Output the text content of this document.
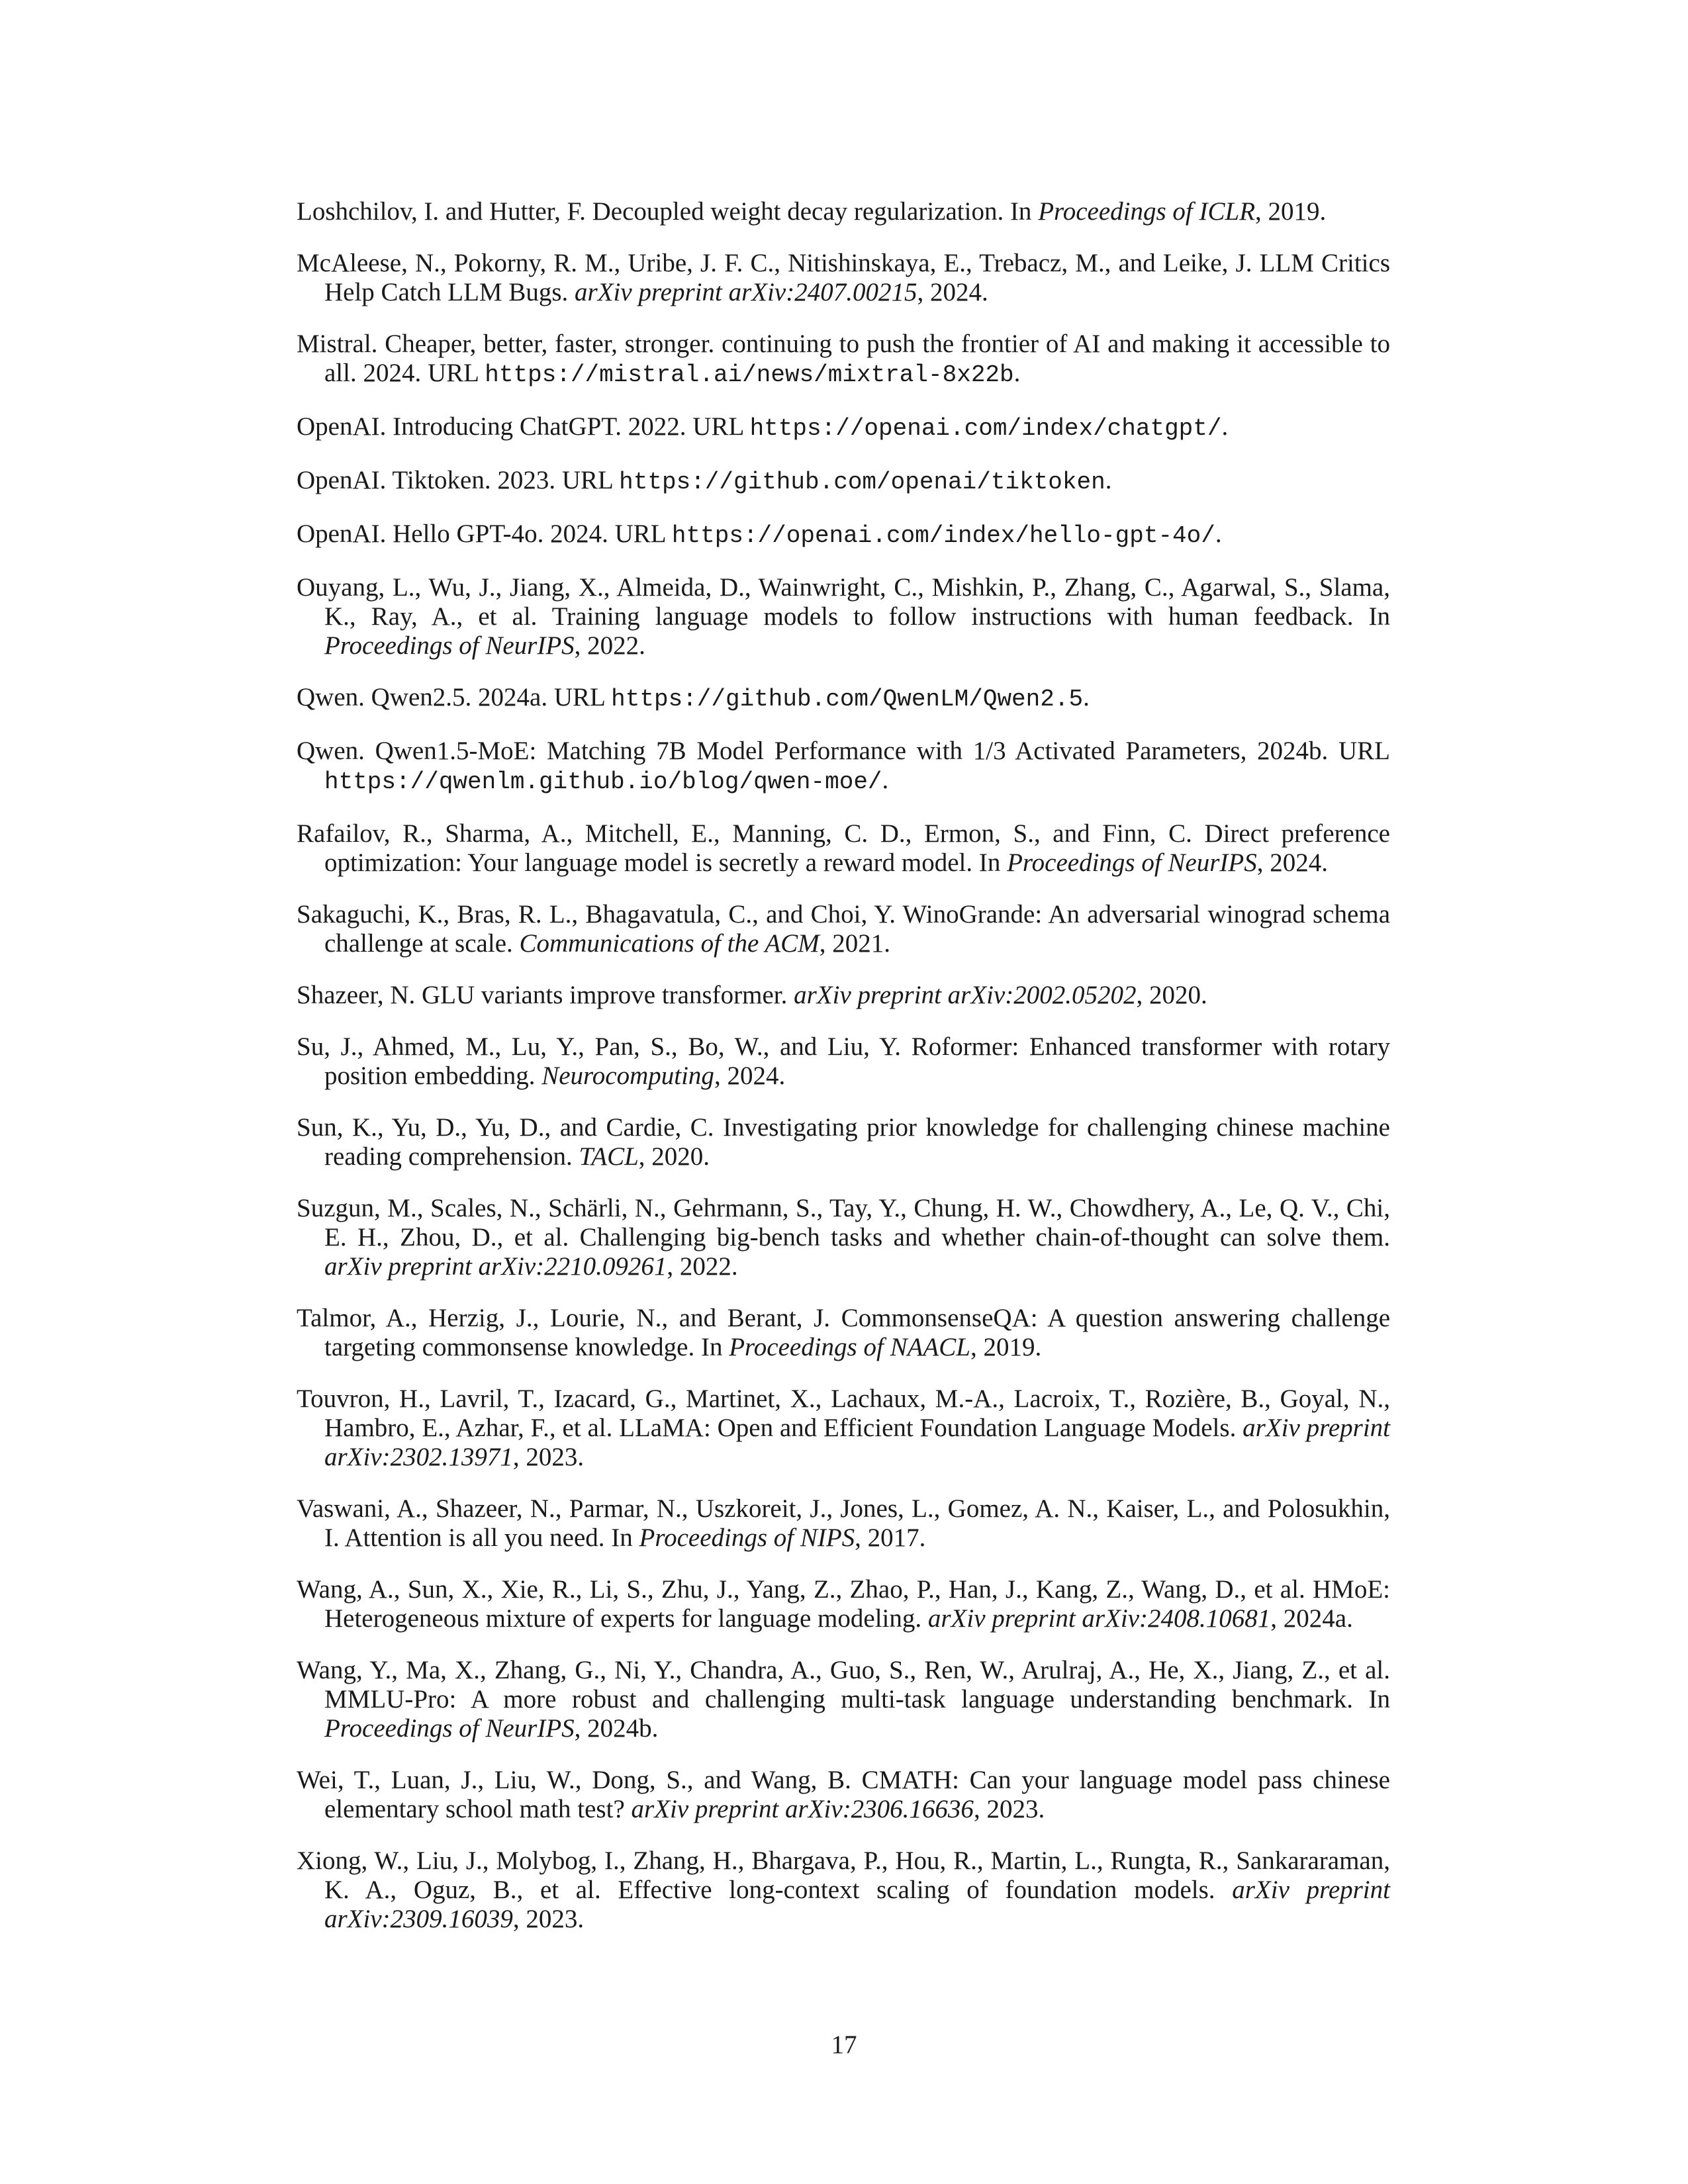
Loshchilov, I. and Hutter, F. Decoupled weight decay regularization. In Proceedings of ICLR, 2019.
McAleese, N., Pokorny, R. M., Uribe, J. F. C., Nitishinskaya, E., Trebacz, M., and Leike, J. LLM Critics Help Catch LLM Bugs. arXiv preprint arXiv:2407.00215, 2024.
Mistral. Cheaper, better, faster, stronger. continuing to push the frontier of AI and making it accessible to all. 2024. URL https://mistral.ai/news/mixtral-8x22b.
OpenAI. Introducing ChatGPT. 2022. URL https://openai.com/index/chatgpt/.
OpenAI. Tiktoken. 2023. URL https://github.com/openai/tiktoken.
OpenAI. Hello GPT-4o. 2024. URL https://openai.com/index/hello-gpt-4o/.
Ouyang, L., Wu, J., Jiang, X., Almeida, D., Wainwright, C., Mishkin, P., Zhang, C., Agarwal, S., Slama, K., Ray, A., et al. Training language models to follow instructions with human feedback. In Proceedings of NeurIPS, 2022.
Qwen. Qwen2.5. 2024a. URL https://github.com/QwenLM/Qwen2.5.
Qwen. Qwen1.5-MoE: Matching 7B Model Performance with 1/3 Activated Parameters, 2024b. URL https://qwenlm.github.io/blog/qwen-moe/.
Rafailov, R., Sharma, A., Mitchell, E., Manning, C. D., Ermon, S., and Finn, C. Direct preference optimization: Your language model is secretly a reward model. In Proceedings of NeurIPS, 2024.
Sakaguchi, K., Bras, R. L., Bhagavatula, C., and Choi, Y. WinoGrande: An adversarial winograd schema challenge at scale. Communications of the ACM, 2021.
Shazeer, N. GLU variants improve transformer. arXiv preprint arXiv:2002.05202, 2020.
Su, J., Ahmed, M., Lu, Y., Pan, S., Bo, W., and Liu, Y. Roformer: Enhanced transformer with rotary position embedding. Neurocomputing, 2024.
Sun, K., Yu, D., Yu, D., and Cardie, C. Investigating prior knowledge for challenging chinese machine reading comprehension. TACL, 2020.
Suzgun, M., Scales, N., Schärli, N., Gehrmann, S., Tay, Y., Chung, H. W., Chowdhery, A., Le, Q. V., Chi, E. H., Zhou, D., et al. Challenging big-bench tasks and whether chain-of-thought can solve them. arXiv preprint arXiv:2210.09261, 2022.
Talmor, A., Herzig, J., Lourie, N., and Berant, J. CommonsenseQA: A question answering challenge targeting commonsense knowledge. In Proceedings of NAACL, 2019.
Touvron, H., Lavril, T., Izacard, G., Martinet, X., Lachaux, M.-A., Lacroix, T., Rozière, B., Goyal, N., Hambro, E., Azhar, F., et al. LLaMA: Open and Efficient Foundation Language Models. arXiv preprint arXiv:2302.13971, 2023.
Vaswani, A., Shazeer, N., Parmar, N., Uszkoreit, J., Jones, L., Gomez, A. N., Kaiser, L., and Polosukhin, I. Attention is all you need. In Proceedings of NIPS, 2017.
Wang, A., Sun, X., Xie, R., Li, S., Zhu, J., Yang, Z., Zhao, P., Han, J., Kang, Z., Wang, D., et al. HMoE: Heterogeneous mixture of experts for language modeling. arXiv preprint arXiv:2408.10681, 2024a.
Wang, Y., Ma, X., Zhang, G., Ni, Y., Chandra, A., Guo, S., Ren, W., Arulraj, A., He, X., Jiang, Z., et al. MMLU-Pro: A more robust and challenging multi-task language understanding benchmark. In Proceedings of NeurIPS, 2024b.
Wei, T., Luan, J., Liu, W., Dong, S., and Wang, B. CMATH: Can your language model pass chinese elementary school math test? arXiv preprint arXiv:2306.16636, 2023.
Xiong, W., Liu, J., Molybog, I., Zhang, H., Bhargava, P., Hou, R., Martin, L., Rungta, R., Sankararaman, K. A., Oguz, B., et al. Effective long-context scaling of foundation models. arXiv preprint arXiv:2309.16039, 2023.
17
